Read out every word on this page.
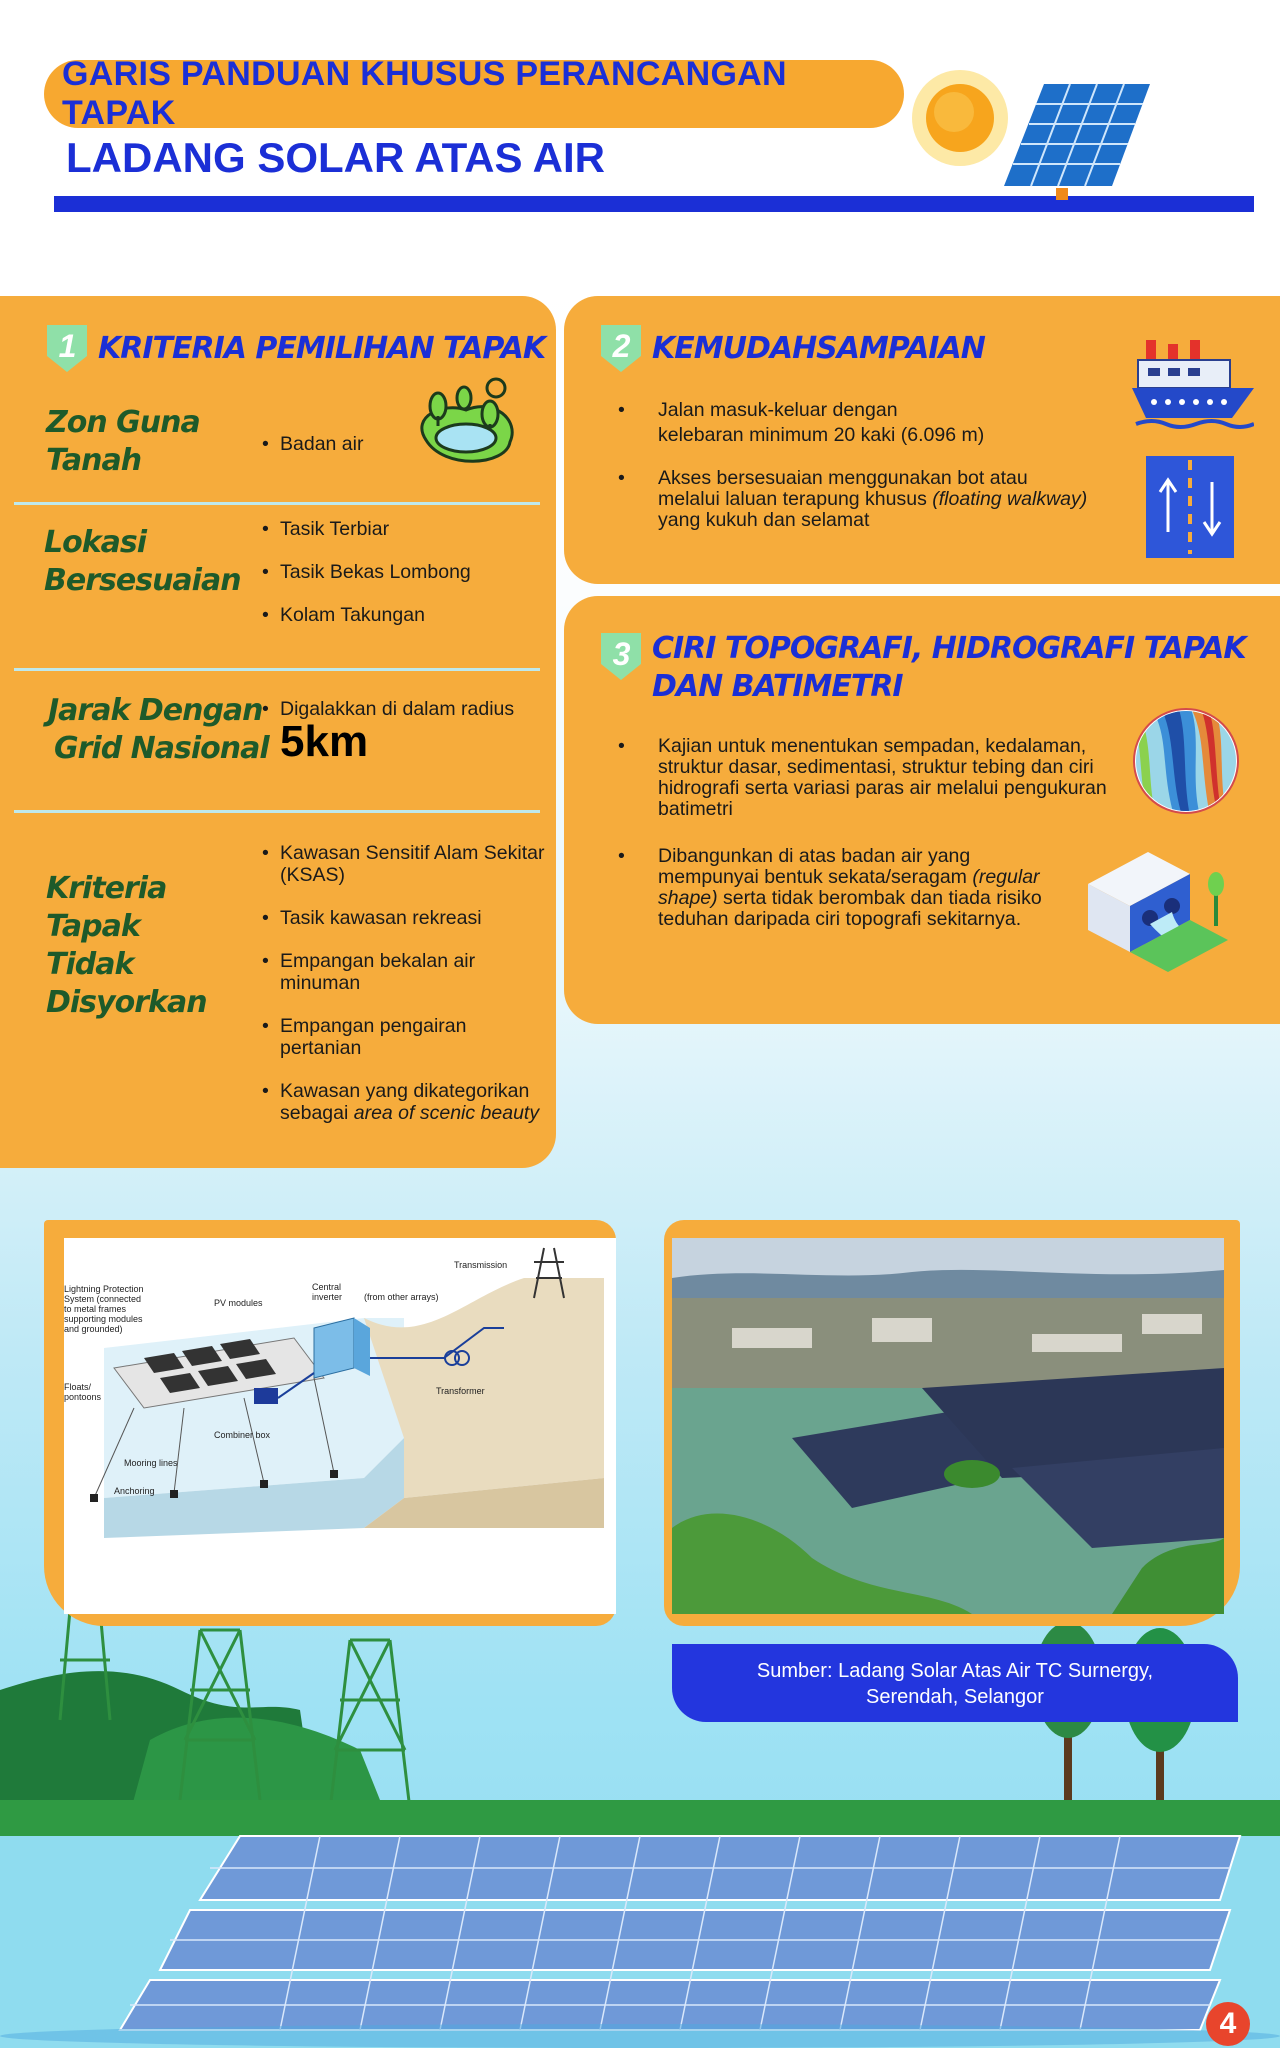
GARIS PANDUAN KHUSUS PERANCANGAN TAPAK
LADANG SOLAR ATAS AIR
1 KRITERIA PEMILIHAN TAPAK
Zon Guna
Tanah
•	Badan air
Lokasi
Bersesuaian
• Tasik Terbiar
• Tasik Bekas Lombong
• Kolam Takungan
Jarak Dengan
Grid Nasional
• Digalakkan di dalam radius
5km
Kriteria
Tapak
Tidak
Disyorkan
• Kawasan Sensitif Alam Sekitar (KSAS)
• Tasik kawasan rekreasi
• Empangan bekalan air minuman
• Empangan pengairan pertanian
• Kawasan yang dikategorikan sebagai area of scenic beauty
2 KEMUDAHSAMPAIAN
• Jalan masuk-keluar dengan
kelebaran minimum 20 kaki (6.096 m)
• Akses bersesuaian menggunakan bot atau
melalui laluan terapung khusus (floating walkway)
yang kukuh dan selamat
3 CIRI TOPOGRAFI, HIDROGRAFI TAPAK
DAN BATIMETRI
• Kajian untuk menentukan sempadan, kedalaman, struktur dasar, sedimentasi, struktur tebing dan ciri hidrografi serta variasi paras air melalui pengukuran batimetri
• Dibangunkan di atas badan air yang mempunyai bentuk sekata/seragam (regular shape) serta tidak berombak dan tiada risiko teduhan daripada ciri topografi sekitarnya.
Transmission
Lightning Protection
System (connected
to metal frames
supporting modules
and grounded)
PV modules
Central
inverter (from other arrays)
Floats/
pontoons
Transformer
Combiner box
Mooring lines
Anchoring
Sumber: Ladang Solar Atas Air TC Surnergy,
Serendah, Selangor
4
